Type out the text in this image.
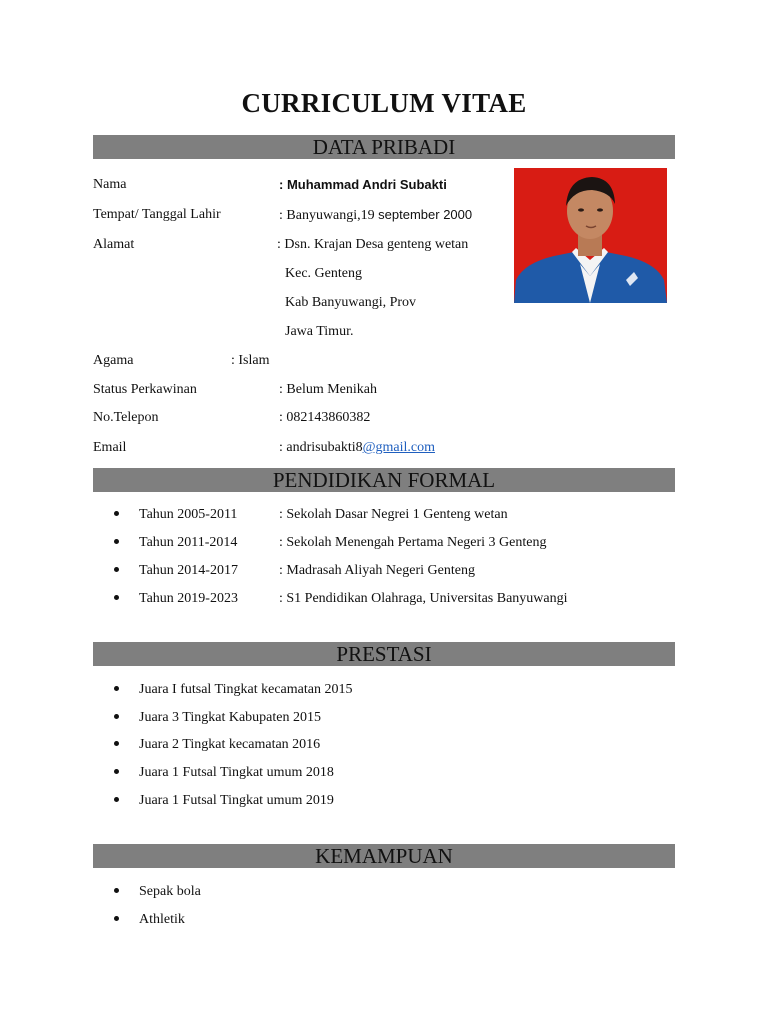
CURRICULUM VITAE
DATA PRIBADI
Nama	: Muhammad Andri Subakti
Tempat/ Tanggal Lahir	: Banyuwangi,19 september 2000
Alamat	: Dsn. Krajan Desa genteng wetan
Kec. Genteng
Kab Banyuwangi, Prov
Jawa Timur.
Agama	: Islam
Status Perkawinan	: Belum Menikah
No.Telepon	: 082143860382
Email	: andrisubakti8@gmail.com
PENDIDIKAN FORMAL
Tahun 2005-2011	: Sekolah Dasar Negrei 1 Genteng wetan
Tahun 2011-2014	: Sekolah Menengah Pertama Negeri 3 Genteng
Tahun 2014-2017	: Madrasah Aliyah Negeri Genteng
Tahun 2019-2023	: S1 Pendidikan Olahraga, Universitas Banyuwangi
PRESTASI
Juara I futsal Tingkat kecamatan 2015
Juara 3 Tingkat Kabupaten 2015
Juara 2 Tingkat kecamatan 2016
Juara 1 Futsal Tingkat umum 2018
Juara 1 Futsal Tingkat umum 2019
KEMAMPUAN
Sepak bola
Athletik
